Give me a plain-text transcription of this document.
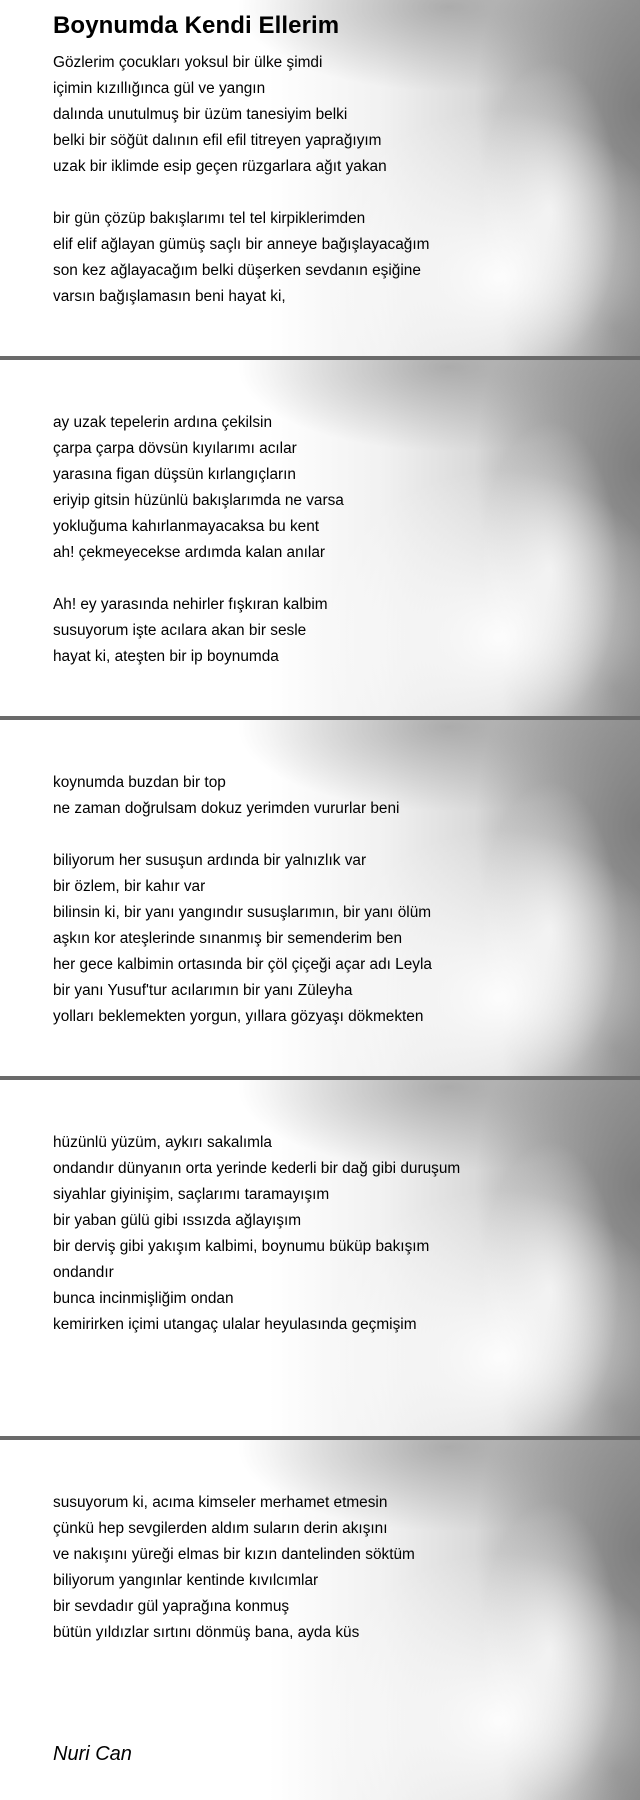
Boynumda Kendi Ellerim
Gözlerim çocukları yoksul bir ülke şimdi
içimin kızıllığınca gül ve yangın
dalında unutulmuş bir üzüm tanesiyim belki
belki bir söğüt dalının efil efil titreyen yaprağıyım
uzak bir iklimde esip geçen rüzgarlara ağıt yakan
bir gün çözüp bakışlarımı tel tel kirpiklerimden
elif elif ağlayan gümüş saçlı bir anneye bağışlayacağım
son kez ağlayacağım belki düşerken sevdanın eşiğine
varsın bağışlamasın beni hayat ki,
ay uzak tepelerin ardına çekilsin
çarpa çarpa dövsün kıyılarımı acılar
yarasına figan düşsün kırlangıçların
eriyip gitsin hüzünlü bakışlarımda ne varsa
yokluğuma kahırlanmayacaksa bu kent
ah! çekmeyecekse ardımda kalan anılar
Ah! ey yarasında nehirler fışkıran kalbim
susuyorum işte acılara akan bir sesle
hayat ki, ateşten bir ip boynumda
koynumda buzdan bir top
ne zaman doğrulsam dokuz yerimden vururlar beni
biliyorum her susuşun ardında bir yalnızlık var
bir özlem, bir kahır var
bilinsin ki, bir yanı yangındır susuşlarımın, bir yanı ölüm
aşkın kor ateşlerinde sınanmış bir semenderim ben
her gece kalbimin ortasında bir çöl çiçeği açar adı Leyla
bir yanı Yusuf'tur acılarımın bir yanı Züleyha
yolları beklemekten yorgun, yıllara gözyaşı dökmekten
hüzünlü yüzüm, aykırı sakalımla
ondandır dünyanın orta yerinde kederli bir dağ gibi duruşum
siyahlar giyinişim, saçlarımı taramayışım
bir yaban gülü gibi ıssızda ağlayışım
bir derviş gibi yakışım kalbimi, boynumu büküp bakışım
ondandır
bunca incinmişliğim ondan
kemirirken içimi utangaç ulalar heyulasında geçmişim
susuyorum ki, acıma kimseler merhamet etmesin
çünkü hep sevgilerden aldım suların derin akışını
ve nakışını yüreği elmas bir kızın dantelinden söktüm
biliyorum yangınlar kentinde kıvılcımlar
bir sevdadır gül yaprağına konmuş
bütün yıldızlar sırtını dönmüş bana, ayda küs
Nuri Can
